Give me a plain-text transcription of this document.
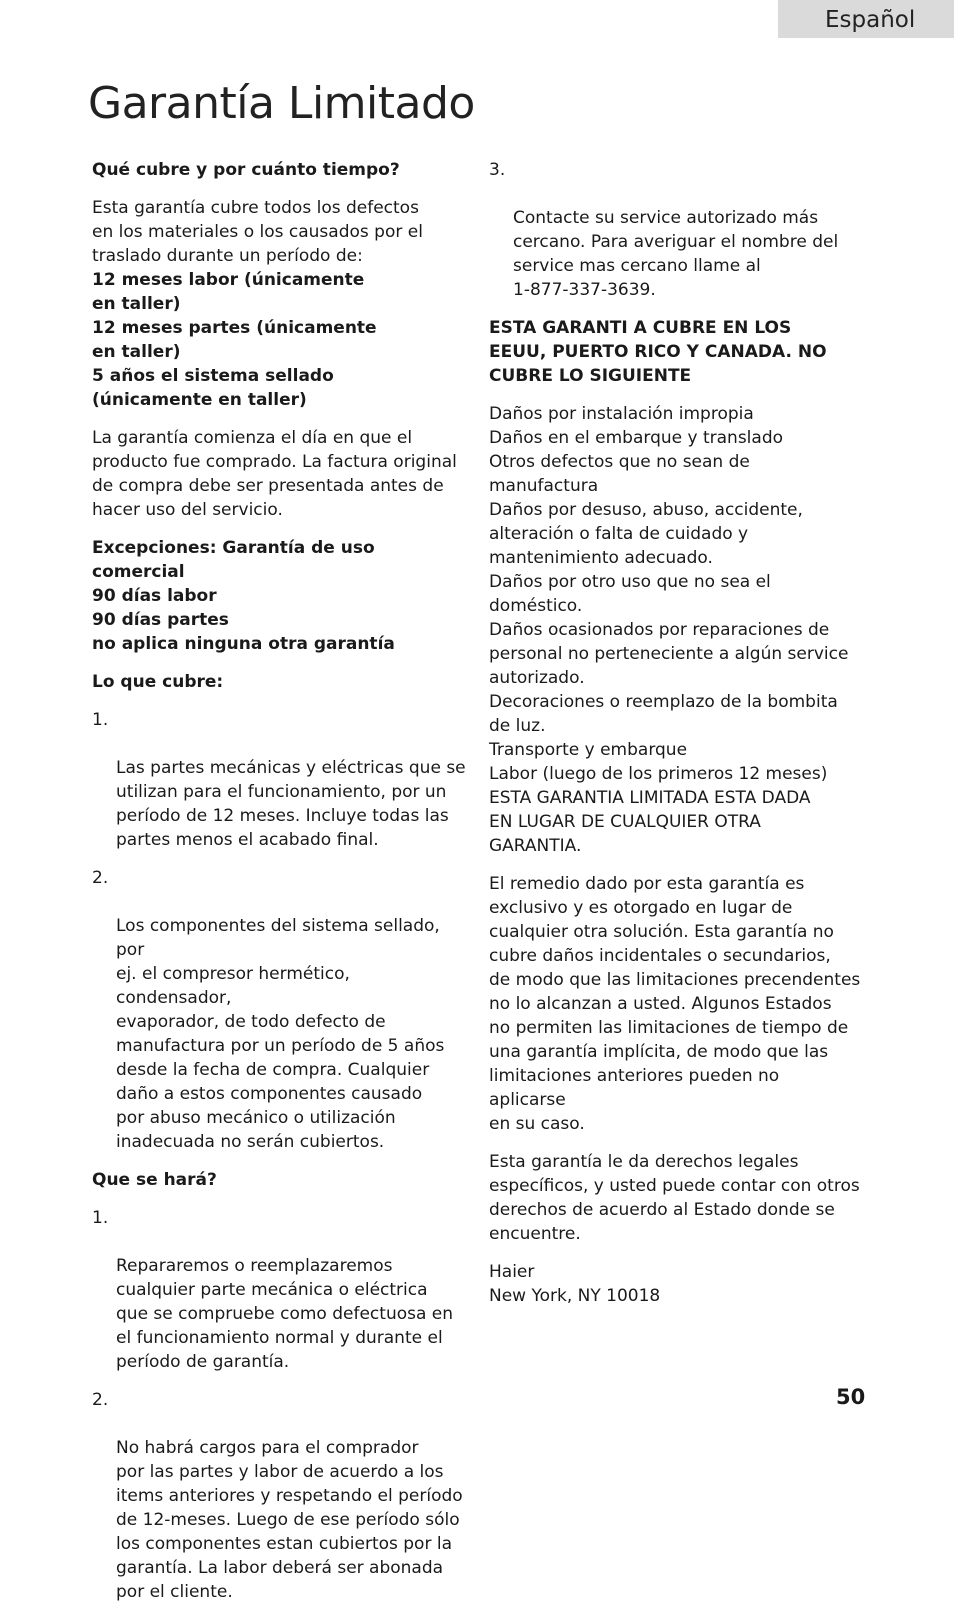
Español
Garantía Limitado

Qué cubre y por cuánto tiempo?

Esta garantía cubre todos los defectos
en los materiales o los causados por el
traslado durante un período de:

12 meses labor (únicamente
en taller)
12 meses partes (únicamente
en taller)
5 años el sistema sellado
(únicamente en taller)

La garantía comienza el día en que el
producto fue comprado. La factura original
de compra debe ser presentada antes de
hacer uso del servicio.

Excepciones: Garantía de uso
comercial
90 días labor
90 días partes
no aplica ninguna otra garantía

Lo que cubre:

1.

Las partes mecánicas y eléctricas que se
utilizan para el funcionamiento, por un
período de 12 meses. Incluye todas las
partes menos el acabado final.

2.

Los componentes del sistema sellado, por
ej. el compresor hermético, condensador,
evaporador, de todo defecto de
manufactura por un período de 5 años
desde la fecha de compra. Cualquier
daño a estos componentes causado
por abuso mecánico o utilización
inadecuada no serán cubiertos.

Que se hará?

1.

Repararemos o reemplazaremos
cualquier parte mecánica o eléctrica
que se compruebe como defectuosa en
el funcionamiento normal y durante el
período de garantía.

2.

No habrá cargos para el comprador
por las partes y labor de acuerdo a los
items anteriores y respetando el período
de 12-meses. Luego de ese período sólo
los componentes estan cubiertos por la
garantía. La labor deberá ser abonada
por el cliente.

3.

Contacte su service autorizado más
cercano. Para averiguar el nombre del
service mas cercano llame al
1-877-337-3639.

ESTA GARANTI A CUBRE EN LOS
EEUU, PUERTO RICO Y CANADA. NO
CUBRE LO SIGUIENTE

Daños por instalación impropia
Daños en el embarque y translado
Otros defectos que no sean de manufactura
Daños por desuso, abuso, accidente,
alteración o falta de cuidado y
mantenimiento adecuado.
Daños por otro uso que no sea el
doméstico.
Daños ocasionados por reparaciones de
personal no perteneciente a algún service
autorizado.
Decoraciones o reemplazo de la bombita
de luz.
Transporte y embarque
Labor (luego de los primeros 12 meses)
ESTA GARANTIA LIMITADA ESTA DADA
EN LUGAR DE CUALQUIER OTRA
GARANTIA.

El remedio dado por esta garantía es
exclusivo y es otorgado en lugar de
cualquier otra solución. Esta garantía no
cubre daños incidentales o secundarios,
de modo que las limitaciones precendentes
no lo alcanzan a usted. Algunos Estados
no permiten las limitaciones de tiempo de
una garantía implícita, de modo que las
limitaciones anteriores pueden no aplicarse
en su caso.

Esta garantía le da derechos legales
específicos, y usted puede contar con otros
derechos de acuerdo al Estado donde se
encuentre.

Haier
New York, NY 10018

50
